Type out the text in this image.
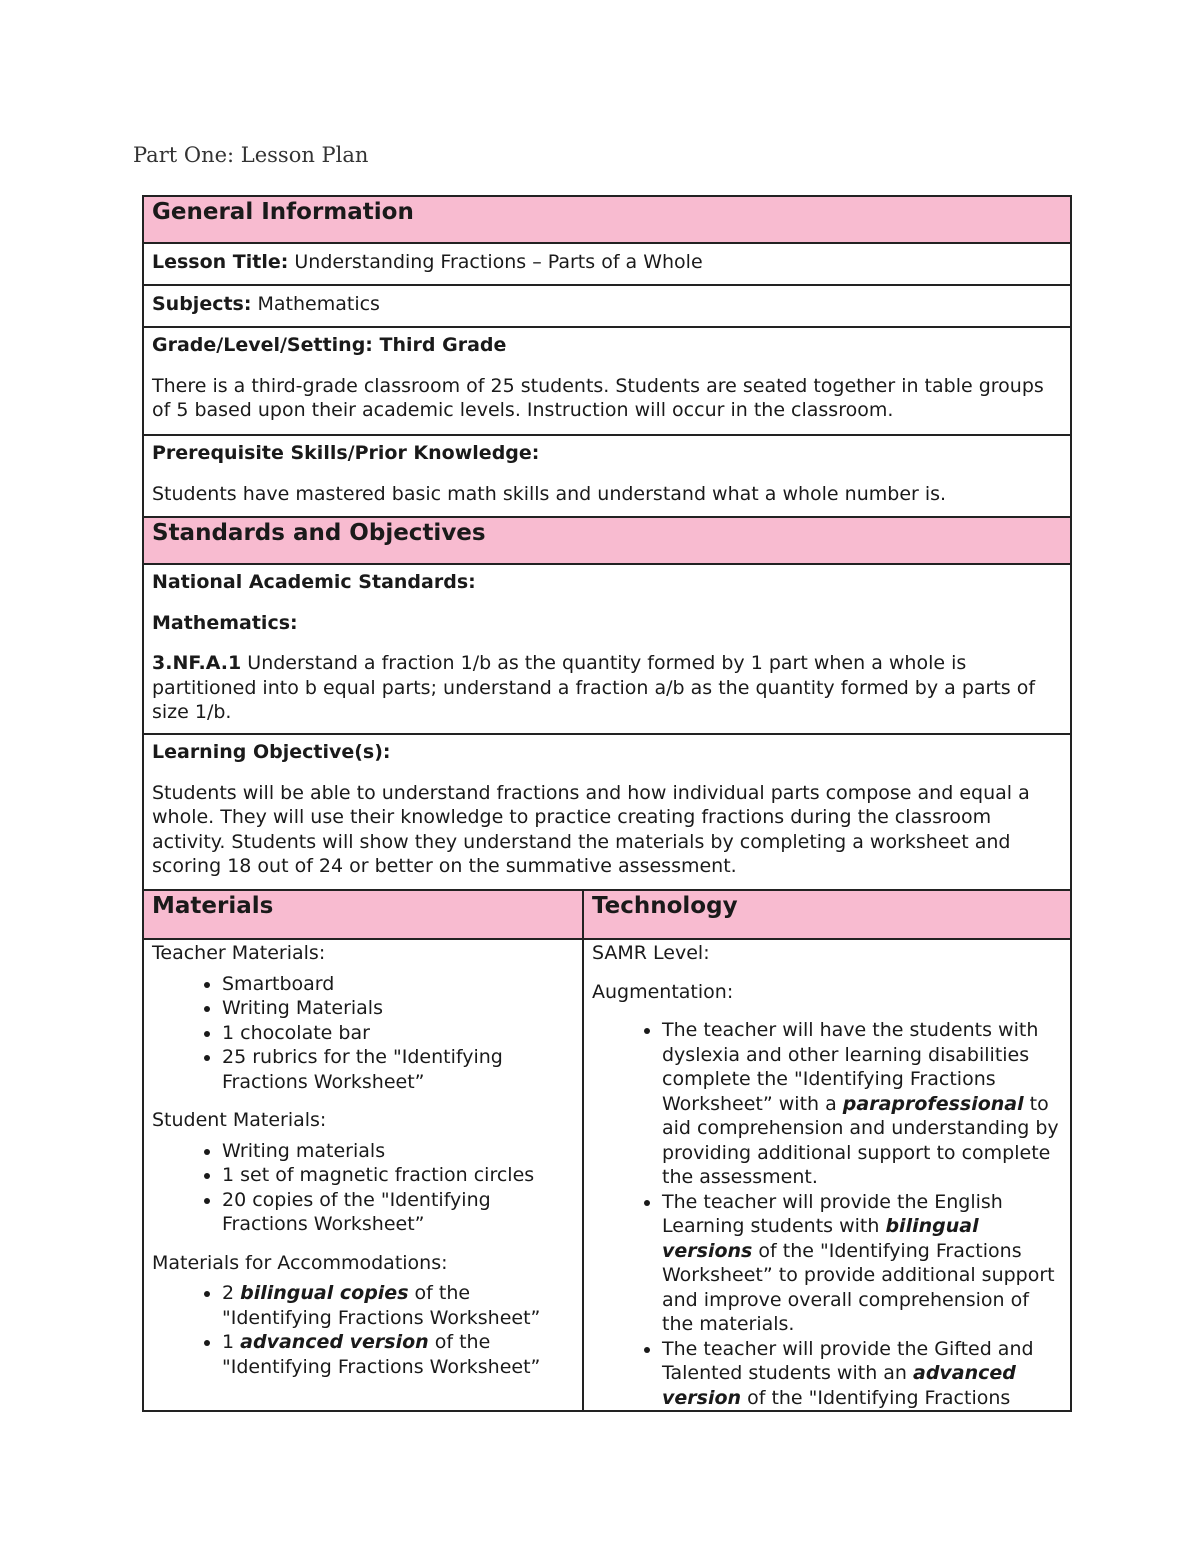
Part One: Lesson Plan
General Information
Lesson Title: Understanding Fractions – Parts of a Whole
Subjects: Mathematics
Grade/Level/Setting: Third Grade
There is a third-grade classroom of 25 students. Students are seated together in table groups of 5 based upon their academic levels. Instruction will occur in the classroom.
Prerequisite Skills/Prior Knowledge:
Students have mastered basic math skills and understand what a whole number is.
Standards and Objectives
National Academic Standards:
Mathematics:
3.NF.A.1 Understand a fraction 1/b as the quantity formed by 1 part when a whole is partitioned into b equal parts; understand a fraction a/b as the quantity formed by a parts of size 1/b.
Learning Objective(s):
Students will be able to understand fractions and how individual parts compose and equal a whole. They will use their knowledge to practice creating fractions during the classroom activity. Students will show they understand the materials by completing a worksheet and scoring 18 out of 24 or better on the summative assessment.
Materials	Technology
Teacher Materials:
• Smartboard
• Writing Materials
• 1 chocolate bar
• 25 rubrics for the "Identifying Fractions Worksheet”
Student Materials:
• Writing materials
• 1 set of magnetic fraction circles
• 20 copies of the "Identifying Fractions Worksheet”
Materials for Accommodations:
• 2 bilingual copies of the "Identifying Fractions Worksheet”
• 1 advanced version of the "Identifying Fractions Worksheet”
SAMR Level:
Augmentation:
• The teacher will have the students with dyslexia and other learning disabilities complete the "Identifying Fractions Worksheet” with a paraprofessional to aid comprehension and understanding by providing additional support to complete the assessment.
• The teacher will provide the English Learning students with bilingual versions of the "Identifying Fractions Worksheet” to provide additional support and improve overall comprehension of the materials.
• The teacher will provide the Gifted and Talented students with an advanced version of the "Identifying Fractions
